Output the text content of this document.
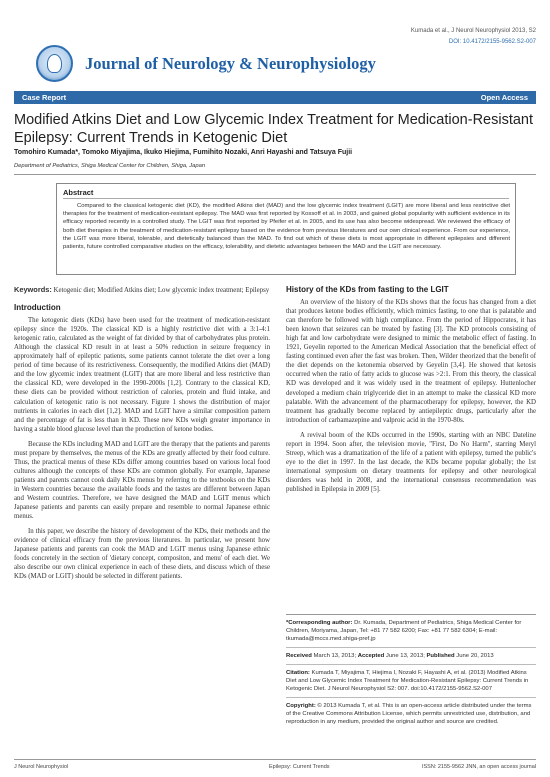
Journal of Neurology & Neurophysiology
Kumada et al., J Neurol Neurophysiol 2013, S2
DOI: 10.4172/2155-9562.S2-007
Case Report	Open Access
Modified Atkins Diet and Low Glycemic Index Treatment for Medication-Resistant Epilepsy: Current Trends in Ketogenic Diet
Tomohiro Kumada*, Tomoko Miyajima, Ikuko Hiejima, Fumihito Nozaki, Anri Hayashi and Tatsuya Fujii
Department of Pediatrics, Shiga Medical Center for Children, Shiga, Japan
Abstract
Compared to the classical ketogenic diet (KD), the modified Atkins diet (MAD) and the low glycemic index treatment (LGIT) are more liberal and less restrictive diet therapies for the treatment of medication-resistant epilepsy. The MAD was first reported by Kossoff et al. in 2003, and gained global popularity with sufficient evidence in its efficacy reported recently in a controlled study. The LGIT was first reported by Pfeifer et al. in 2005, and its use has also become widespread. We reviewed the efficacy of both diet therapies in the treatment of medication-resistant epilepsy based on the evidence from previous literatures and our own clinical experience. From our experience, the LGIT was more liberal, tolerable, and dietetically balanced than the MAD. To find out which of these diets is most appropriate in different epilepsies and different patients, future controlled comparative studies on the efficacy, tolerability, and dietetic advantages between the MAD and the LGIT are necessary.
Keywords: Ketogenic diet; Modified Atkins diet; Low glycemic index treatment; Epilepsy
Introduction

The ketogenic diets (KDs) have been used for the treatment of medication-resistant epilepsy since the 1920s. The classical KD is a highly restrictive diet with a 3:1-4:1 ketogenic ratio, calculated as the weight of fat divided by that of carbohydrates plus protein. Although the classical KD result in at least a 50% reduction in seizure frequency in approximately half of epileptic patients, some patients cannot tolerate the diet over a long period of time because of its restrictiveness. Consequently, the modified Atkins diet (MAD) and the low glycemic index treatment (LGIT) that are more liberal and less restrictive than the classical KD, were developed in the 1990-2000s [1,2]. Contrary to the classical KD, these diets can be provided without restriction of calories, protein and fluid intake, and calculation of ketogenic ratio is not necessary. Figure 1 shows the distribution of major nutrients in calories in each diet [1,2]. MAD and LGIT have a similar composition pattern and the percentage of fat is less than in KD. These new KDs weigh greater importance in having a stable blood glucose level than the production of ketone bodies.

Because the KDs including MAD and LGIT are the therapy that the patients and parents must prepare by themselves, the menus of the KDs are greatly affected by their food culture. Thus, the practical menus of these KDs differ among countries based on various local food cultures although the concepts of these KDs are common globally. For example, Japanese patients and parents cannot cook daily KDs menus by referring to the textbooks on the KDs in Western countries because the available foods and the tastes are different between Japan and Western countries. Therefore, we have designed the MAD and LGIT menus which Japanese patients and parents can easily prepare and resemble to normal Japanese ethnic menus.

In this paper, we describe the history of development of the KDs, their methods and the evidence of clinical efficacy from the previous literatures. In particular, we present how Japanese patients and parents can cook the MAD and LGIT menus using Japanese ethnic foods concretely in the section of 'dietary concept, compositon, and menu' of each diet. We also describe our own clinical experience in each of these diets, and discuss which of these KDs (MAD or LGIT) should be selected in different patients.

History of the KDs from fasting to the LGIT

An overview of the history of the KDs shows that the focus has changed from a diet that produces ketone bodies efficiently, which mimics fasting, to one that is palatable and can therefore be followed with high compliance. From the period of Hippocrates, it has been known that seizures can be treated by fasting [3]. The KD protocols consisting of high fat and low carbohydrate were designed to mimic the metabolic effect of fasting. In 1921, Geyelin reported to the American Medical Association that the beneficial effect of fasting continued even after the fast was broken. Then, Wilder theorized that the benefit of the diet depends on the ketonemia observed by Geyelin [3,4]. He showed that ketosis occurred when the ratio of fatty acids to glucose was >2:1. From this theory, the classical KD was developed and it was widely used in the treatment of epilepsy. Huttenlocher developed a medium chain triglyceride diet in an attempt to make the classical KD more palatable. With the advancement of the pharmacotherapy for epilepsy, however, the KD treatment has gradually become replaced by antiepileptic drugs, particularly after the introduction of carbamazepine and valproic acid in the 1970-80s.

A revival boom of the KDs occurred in the 1990s, starting with an NBC Dateline report in 1994. Soon after, the television movie, "First, Do No Harm", starring Meryl Streep, which was a dramatization of the life of a patient with epilepsy, turned the public's eye to the diet in 1997. In the last decade, the KDs became popular globally; the 1st international symposium on dietary treatments for epilepsy and other neurological disorders was held in 2008, and the international consensus recommendation was published in Epilepsia in 2009 [5].

*Corresponding author: Dr. Kumada, Department of Pediatrics, Shiga Medical Center for Children, Moriyama, Japan, Tel: +81 77 582 6200; Fax: +81 77 582 6304; E-mail: tkumada@mccs.med.shiga-pref.jp

Received March 13, 2013; Accepted June 13, 2013; Published June 20, 2013

Citation: Kumada T, Miyajima T, Hiejima I, Nozaki F, Hayashi A, et al. (2013) Modified Atkins Diet and Low Glycemic Index Treatment for Medication-Resistant Epilepsy: Current Trends in Ketogenic Diet. J Neurol Neurophysiol S2: 007. doi:10.4172/2155-9562.S2-007

Copyright: © 2013 Kumada T, et al. This is an open-access article distributed under the terms of the Creative Commons Attribution License, which permits unrestricted use, distribution, and reproduction in any medium, provided the original author and source are credited.

J Neurol Neurophysiol	Epilepsy: Current Trends	ISSN: 2155-9562 JNN, an open access journal
